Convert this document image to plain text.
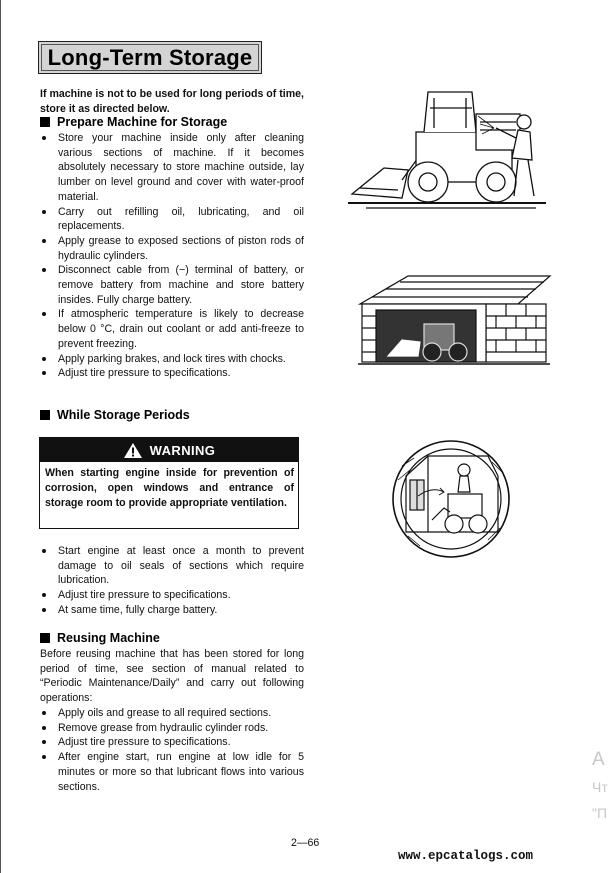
Long-Term Storage
If machine is not to be used for long periods of time, store it as directed below.
Prepare Machine for Storage
Store your machine inside only after cleaning various sections of machine. If it becomes absolutely necessary to store machine outside, lay lumber on level ground and cover with water-proof material.
Carry out refilling oil, lubricating, and oil replacements.
Apply grease to exposed sections of piston rods of hydraulic cylinders.
Disconnect cable from (−) terminal of battery, or remove battery from machine and store battery insides. Fully charge battery.
If atmospheric temperature is likely to decrease below 0 °C, drain out coolant or add anti-freeze to prevent freezing.
Apply parking brakes, and lock tires with chocks.
Adjust tire pressure to specifications.
While Storage Periods
WARNING
When starting engine inside for prevention of corrosion, open windows and entrance of storage room to provide appropriate ventilation.
Start engine at least once a month to prevent damage to oil seals of sections which require lubrication.
Adjust tire pressure to specifications.
At same time, fully charge battery.
Reusing Machine
Before reusing machine that has been stored for long period of time, see section of manual related to “Periodic Maintenance/Daily” and carry out following operations:
Apply oils and grease to all required sections.
Remove grease from hydraulic cylinder rods.
Adjust tire pressure to specifications.
After engine start, run engine at low idle for 5 minutes or more so that lubricant flows into various sections.
2—66
www.epcatalogs.com
A
Чт
"П
